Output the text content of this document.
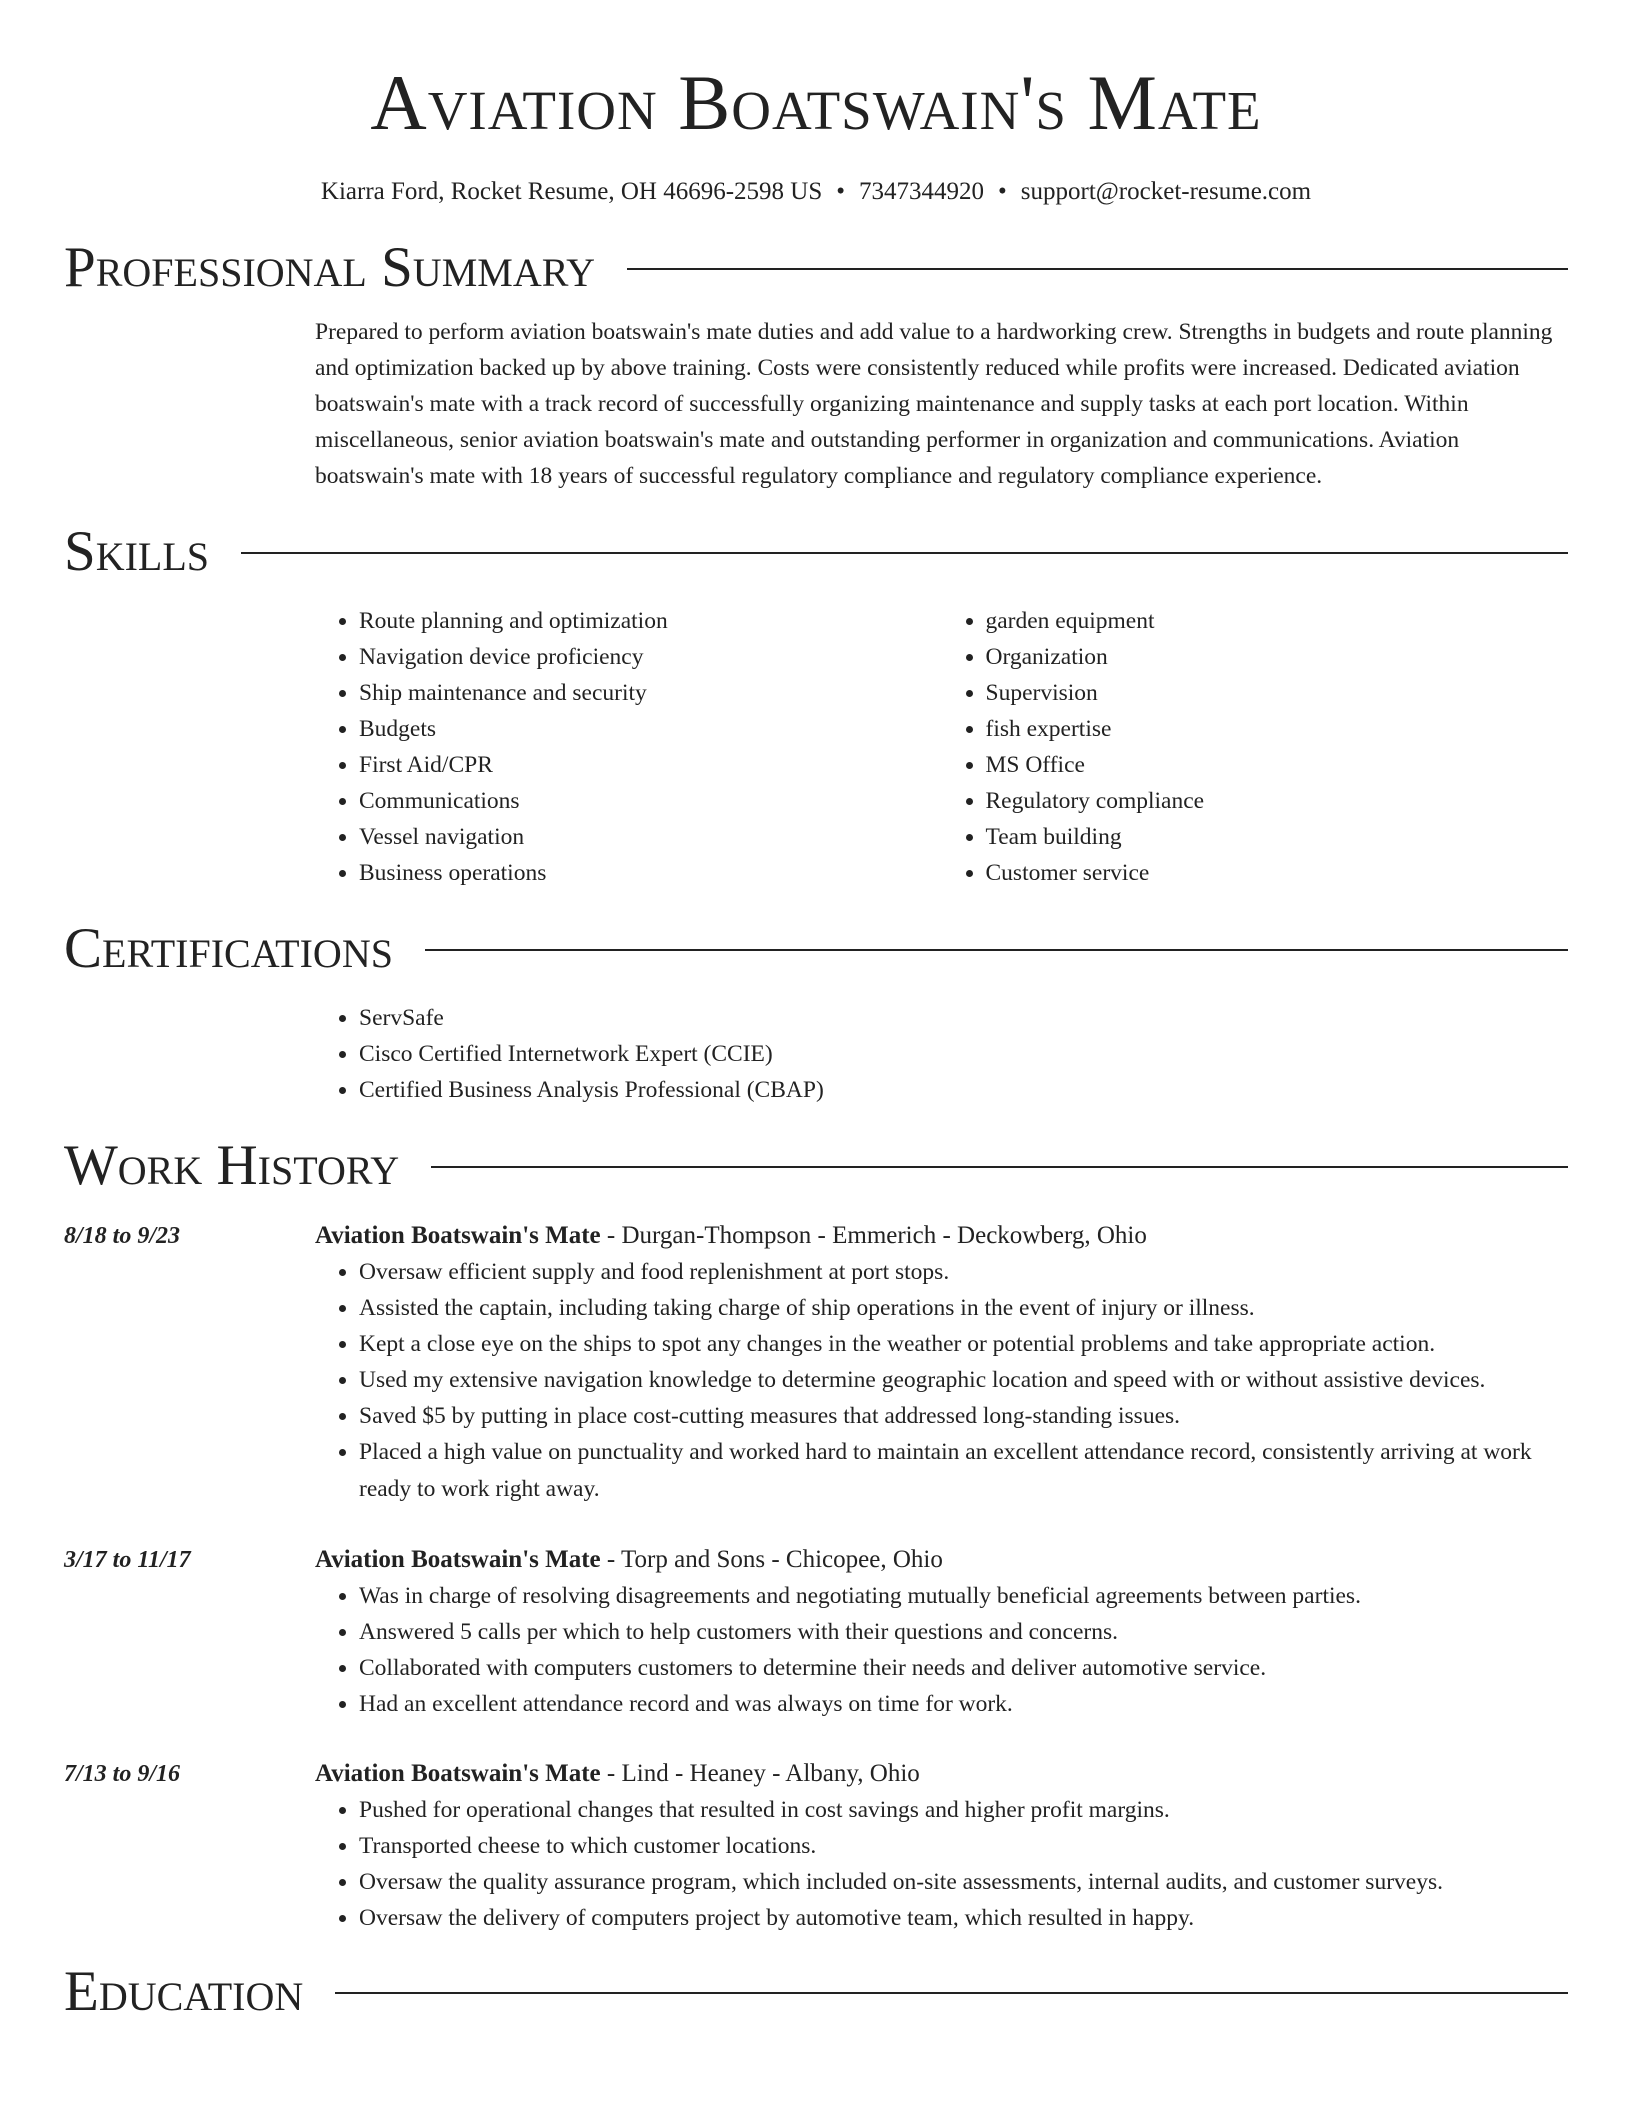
Aviation Boatswain's Mate
Kiarra Ford, Rocket Resume, OH 46696-2598 US • 7347344920 • support@rocket-resume.com
Professional Summary

Prepared to perform aviation boatswain's mate duties and add value to a hardworking crew. Strengths in budgets and route planning and optimization backed up by above training. Costs were consistently reduced while profits were increased. Dedicated aviation boatswain's mate with a track record of successfully organizing maintenance and supply tasks at each port location. Within miscellaneous, senior aviation boatswain's mate and outstanding performer in organization and communications. Aviation boatswain's mate with 18 years of successful regulatory compliance and regulatory compliance experience.

Skills
• Route planning and optimization
• Navigation device proficiency
• Ship maintenance and security
• Budgets
• First Aid/CPR
• Communications
• Vessel navigation
• Business operations
• garden equipment
• Organization
• Supervision
• fish expertise
• MS Office
• Regulatory compliance
• Team building
• Customer service
Certifications
• ServSafe
• Cisco Certified Internetwork Expert (CCIE)
• Certified Business Analysis Professional (CBAP)
Work History
8/18 to 9/23	Aviation Boatswain's Mate - Durgan-Thompson - Emmerich - Deckowberg, Ohio
• Oversaw efficient supply and food replenishment at port stops.
• Assisted the captain, including taking charge of ship operations in the event of injury or illness.
• Kept a close eye on the ships to spot any changes in the weather or potential problems and take appropriate action.
• Used my extensive navigation knowledge to determine geographic location and speed with or without assistive devices.
• Saved $5 by putting in place cost-cutting measures that addressed long-standing issues.
• Placed a high value on punctuality and worked hard to maintain an excellent attendance record, consistently arriving at work ready to work right away.
3/17 to 11/17	Aviation Boatswain's Mate - Torp and Sons - Chicopee, Ohio
• Was in charge of resolving disagreements and negotiating mutually beneficial agreements between parties.
• Answered 5 calls per which to help customers with their questions and concerns.
• Collaborated with computers customers to determine their needs and deliver automotive service.
• Had an excellent attendance record and was always on time for work.
7/13 to 9/16	Aviation Boatswain's Mate - Lind - Heaney - Albany, Ohio
• Pushed for operational changes that resulted in cost savings and higher profit margins.
• Transported cheese to which customer locations.
• Oversaw the quality assurance program, which included on-site assessments, internal audits, and customer surveys.
• Oversaw the delivery of computers project by automotive team, which resulted in happy.
Education
